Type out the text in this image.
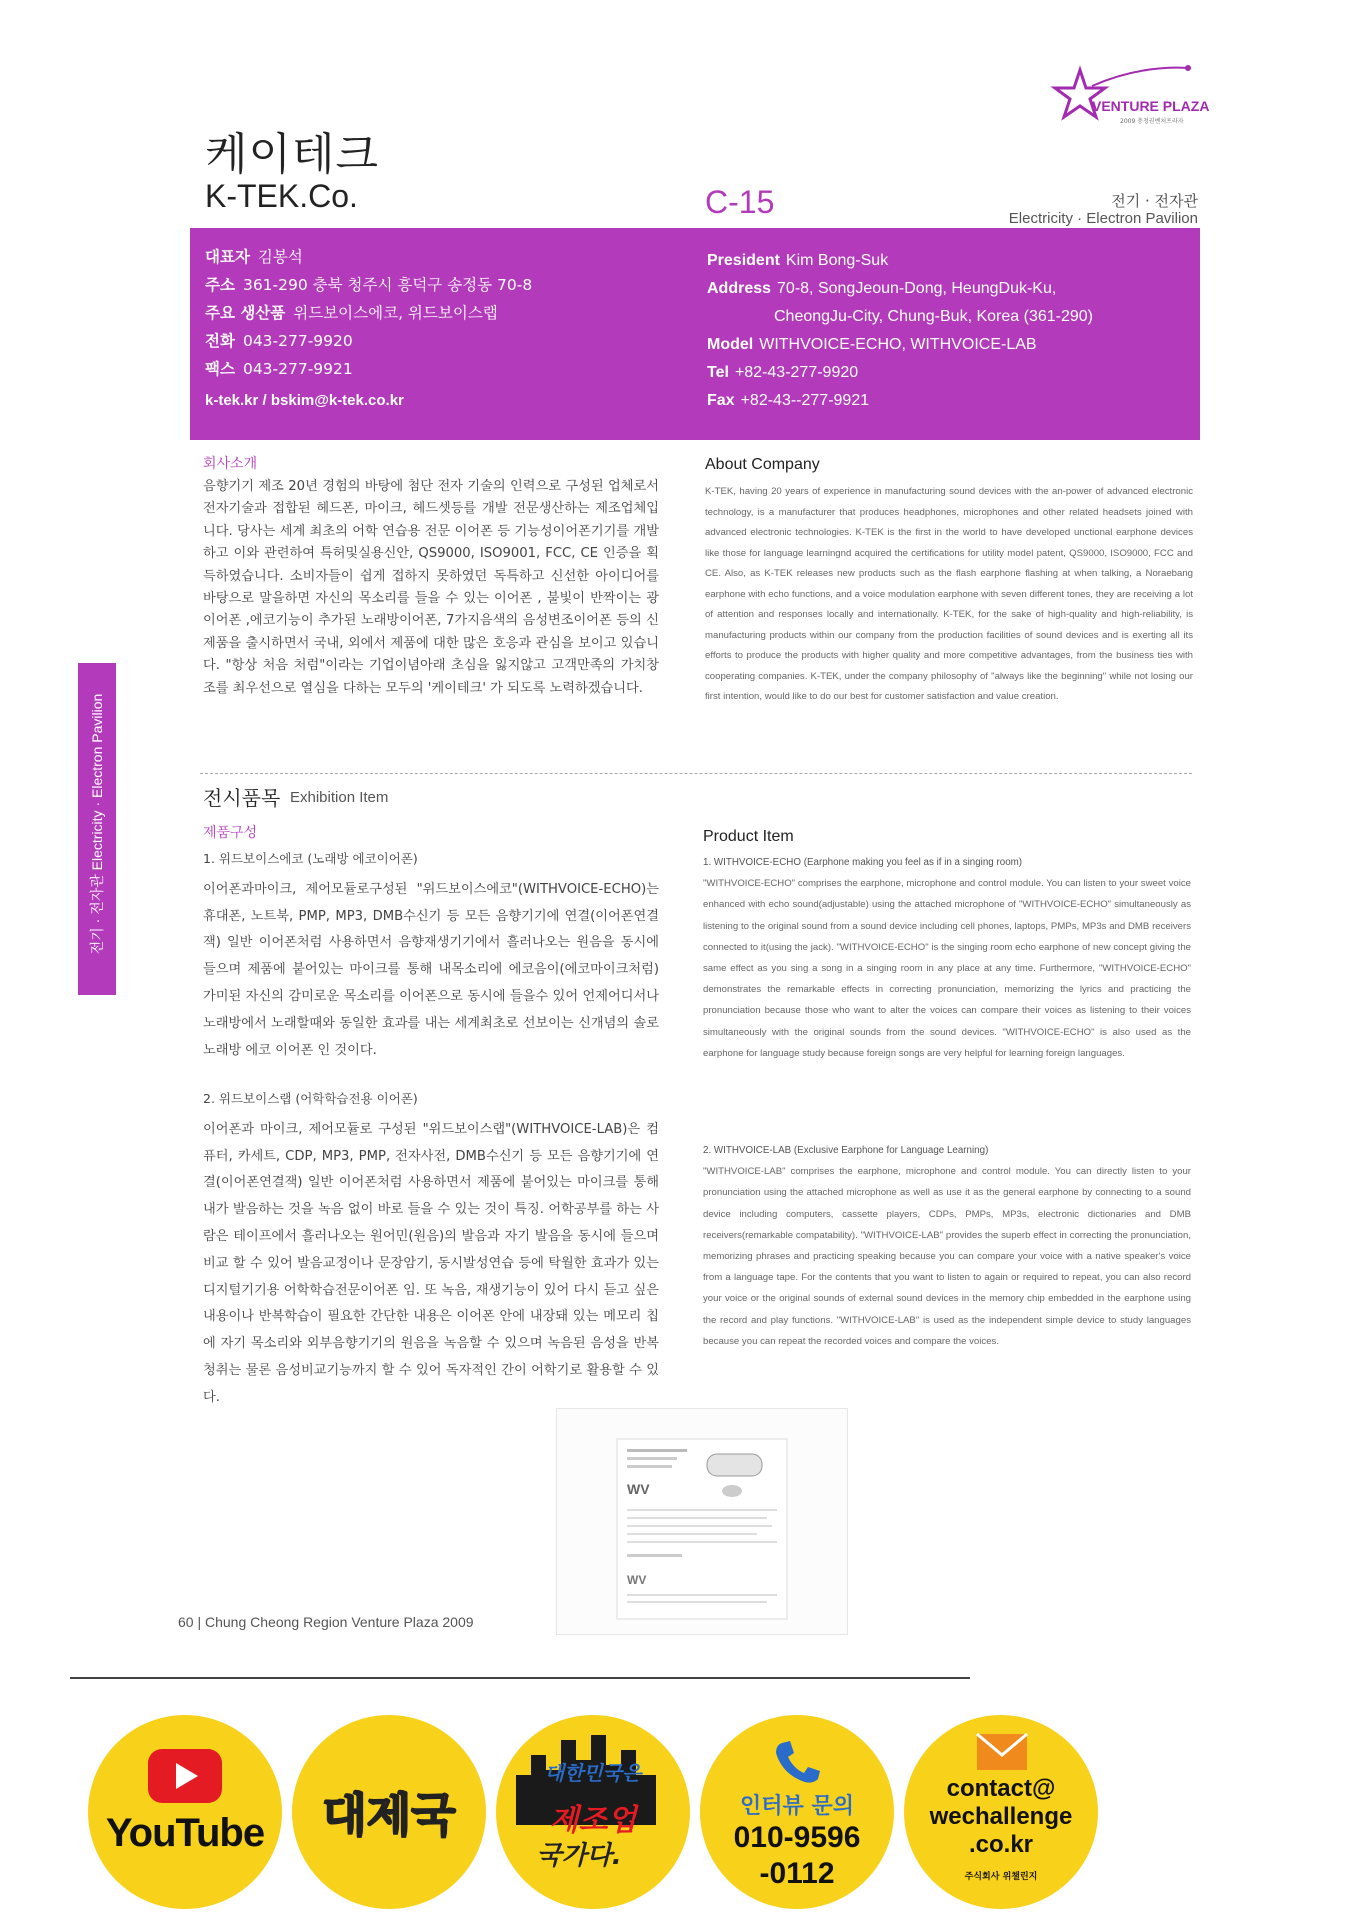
VENTURE PLAZA
2009 충청권벤처프라자
케이테크
K-TEK.Co.	C-15	전기 · 전자관
Electricity · Electron Pavilion
대표자 김봉석
주소 361-290 충북 청주시 흥덕구 송정동 70-8
주요 생산품 위드보이스에코, 위드보이스랩
전화 043-277-9920
팩스 043-277-9921
k-tek.kr / bskim@k-tek.co.kr
President Kim Bong-Suk
Address 70-8, SongJeoun-Dong, HeungDuk-Ku,
CheongJu-City, Chung-Buk, Korea (361-290)
Model WITHVOICE-ECHO, WITHVOICE-LAB
Tel +82-43-277-9920
Fax +82-43--277-9921
전기 · 전자관 Electricity · Electron Pavilion
회사소개
음향기기 제조 20년 경험의 바탕에 첨단 전자 기술의 인력으로 구성된 업체로서 전자기술과 접합된 헤드폰, 마이크, 헤드셋등를 개발 전문생산하는 제조업체입니다. 당사는 세계 최초의 어학 연습용 전문 이어폰 등 기능성이어폰기기를 개발하고 이와 관련하여 특허및실용신안, QS9000, ISO9001, FCC, CE 인증을 획득하였습니다. 소비자들이 쉽게 접하지 못하였던 독특하고 신선한 아이디어를 바탕으로 말을하면 자신의 목소리를 들을 수 있는 이어폰 , 불빛이 반짝이는 광이어폰 ,에코기능이 추가된 노래방이어폰, 7가지음색의 음성변조이어폰 등의 신제품을 출시하면서 국내, 외에서 제품에 대한 많은 호응과 관심을 보이고 있습니다. "항상 처음 처럼"이라는 기업이념아래 초심을 잃지않고 고객만족의 가치창조를 최우선으로 열심을 다하는 모두의 '케이테크' 가 되도록 노력하겠습니다.
About Company
K-TEK, having 20 years of experience in manufacturing sound devices with the an-power of advanced electronic technology, is a manufacturer that produces headphones, microphones and other related headsets joined with advanced electronic technologies. K-TEK is the first in the world to have developed unctional earphone devices like those for language learningnd acquired the certifications for utility model patent, QS9000, ISO9000, FCC and CE. Also, as K-TEK releases new products such as the flash earphone flashing at when talking, a Noraebang earphone with echo functions, and a voice modulation earphone with seven different tones, they are receiving a lot of attention and responses locally and internationally. K-TEK, for the sake of high-quality and high-reliability, is manufacturing products within our company from the production facilities of sound devices and is exerting all its efforts to produce the products with higher quality and more competitive advantages, from the business ties with cooperating companies. K-TEK, under the company philosophy of "always like the beginning" while not losing our first intention, would like to do our best for customer satisfaction and value creation.
전시품목 Exhibition Item
제품구성	Product Item
1. 위드보이스에코 (노래방 에코이어폰)
이어폰과마이크, 제어모듈로구성된 "위드보이스에코"(WITHVOICE-ECHO)는 휴대폰, 노트북, PMP, MP3, DMB수신기 등 모든 음향기기에 연결(이어폰연결잭) 일반 이어폰처럼 사용하면서 음향재생기기에서 흘러나오는 원음을 동시에 들으며 제품에 붙어있는 마이크를 통해 내목소리에 에코음이(에코마이크처럼) 가미된 자신의 감미로운 목소리를 이어폰으로 동시에 들을수 있어 언제어디서나 노래방에서 노래할때와 동일한 효과를 내는 세계최초로 선보이는 신개념의 솔로노래방 에코 이어폰 인 것이다.
2. 위드보이스랩 (어학학습전용 이어폰)
이어폰과 마이크, 제어모듈로 구성된 "위드보이스랩"(WITHVOICE-LAB)은 컴퓨터, 카세트, CDP, MP3, PMP, 전자사전, DMB수신기 등 모든 음향기기에 연결(이어폰연결잭) 일반 이어폰처럼 사용하면서 제품에 붙어있는 마이크를 통해 내가 발음하는 것을 녹음 없이 바로 들을 수 있는 것이 특징. 어학공부를 하는 사람은 테이프에서 흘러나오는 원어민(원음)의 발음과 자기 발음을 동시에 들으며 비교 할 수 있어 발음교정이나 문장암기, 동시발성연습 등에 탁월한 효과가 있는 디지털기기용 어학학습전문이어폰 임. 또 녹음, 재생기능이 있어 다시 듣고 싶은 내용이나 반복학습이 필요한 간단한 내용은 이어폰 안에 내장돼 있는 메모리 칩에 자기 목소리와 외부음향기기의 원음을 녹음할 수 있으며 녹음된 음성을 반복 청취는 물론 음성비교기능까지 할 수 있어 독자적인 간이 어학기로 활용할 수 있다.
1. WITHVOICE-ECHO (Earphone making you feel as if in a singing room)
"WITHVOICE-ECHO" comprises the earphone, microphone and control module. You can listen to your sweet voice enhanced with echo sound(adjustable) using the attached microphone of "WITHVOICE-ECHO" simultaneously as listening to the original sound from a sound device including cell phones, laptops, PMPs, MP3s and DMB receivers connected to it(using the jack). "WITHVOICE-ECHO" is the singing room echo earphone of new concept giving the same effect as you sing a song in a singing room in any place at any time. Furthermore, "WITHVOICE-ECHO" demonstrates the remarkable effects in correcting pronunciation, memorizing the lyrics and practicing the pronunciation because those who want to alter the voices can compare their voices as listening to their voices simultaneously with the original sounds from the sound devices. "WITHVOICE-ECHO" is also used as the earphone for language study because foreign songs are very helpful for learning foreign languages.
2. WITHVOICE-LAB (Exclusive Earphone for Language Learning)
"WITHVOICE-LAB" comprises the earphone, microphone and control module. You can directly listen to your pronunciation using the attached microphone as well as use it as the general earphone by connecting to a sound device including computers, cassette players, CDPs, PMPs, MP3s, electronic dictionaries and DMB receivers(remarkable compatability). "WITHVOICE-LAB" provides the superb effect in correcting the pronunciation, memorizing phrases and practicing speaking because you can compare your voice with a native speaker's voice from a language tape. For the contents that you want to listen to again or required to repeat, you can also record your voice or the original sounds of external sound devices in the memory chip embedded in the earphone using the record and play functions. "WITHVOICE-LAB" is used as the independent simple device to study languages because you can repeat the recorded voices and compare the voices.
WV
WV
60 | Chung Cheong Region Venture Plaza 2009
YouTube	대제국
대한민국은
제조업
국가다.
인터뷰 문의
010-9596
-0112
contact@
wechallenge
.co.kr
주식회사 위챌린지
